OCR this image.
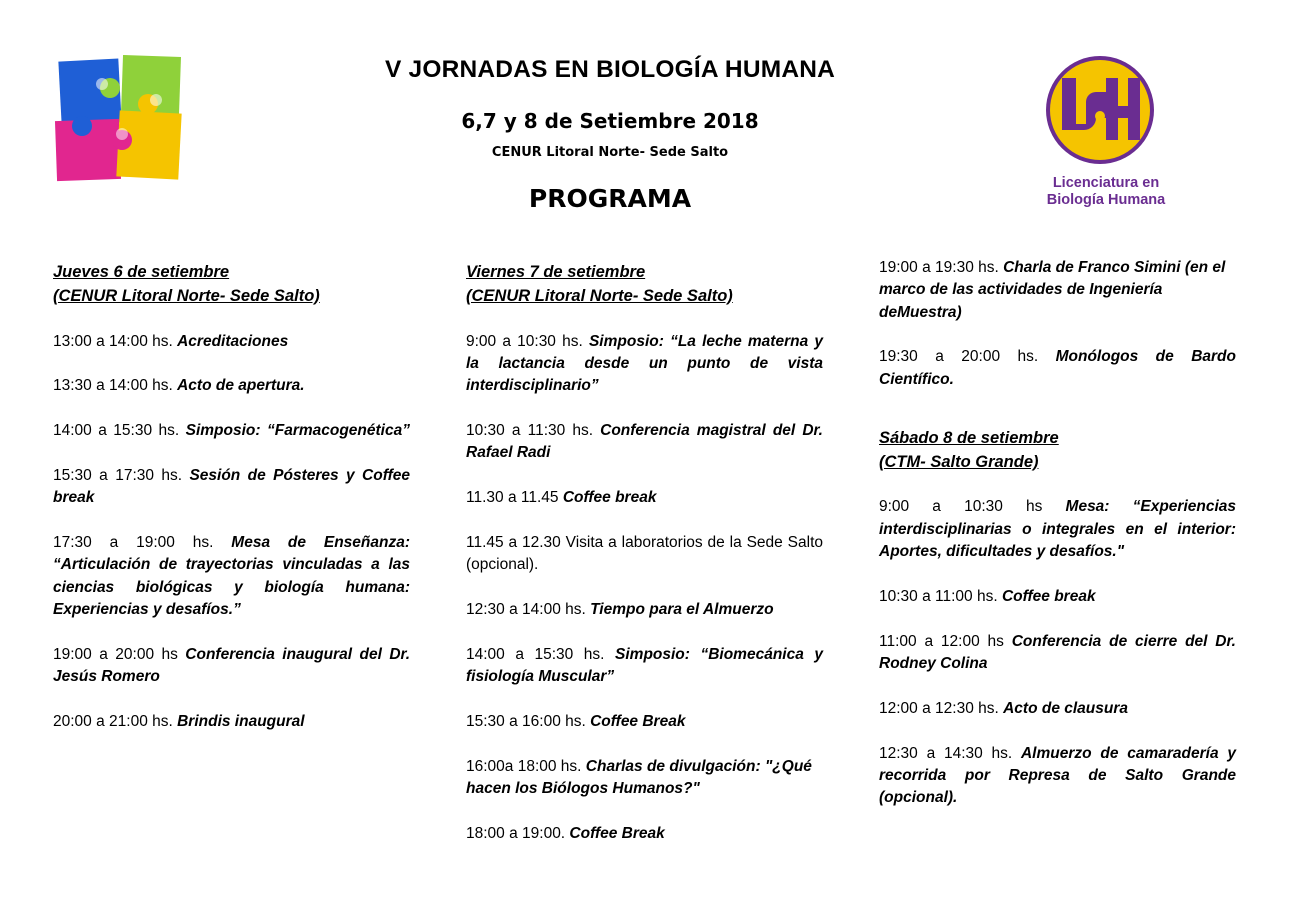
V JORNADAS EN BIOLOGÍA HUMANA
6,7 y 8 de Setiembre 2018
CENUR Litoral Norte- Sede Salto
PROGRAMA
Licenciatura en
Biología Humana
Jueves 6 de setiembre
(CENUR Litoral Norte- Sede Salto)
13:00 a 14:00 hs. Acreditaciones
13:30 a 14:00 hs. Acto de apertura.
14:00 a 15:30 hs. Simposio: “Farmacogenética”
15:30 a 17:30 hs. Sesión de Pósteres y Coffee break
17:30 a 19:00 hs. Mesa de Enseñanza: “Articulación de trayectorias vinculadas a las ciencias biológicas y biología humana: Experiencias y desafíos.”
19:00 a 20:00 hs Conferencia inaugural del Dr. Jesús Romero
20:00 a 21:00 hs. Brindis inaugural
Viernes 7 de setiembre
(CENUR Litoral Norte- Sede Salto)
9:00 a 10:30 hs. Simposio: “La leche materna y la lactancia desde un punto de vista interdisciplinario”
10:30 a 11:30 hs. Conferencia magistral del Dr. Rafael Radi
11.30 a 11.45 Coffee break
11.45 a 12.30 Visita a laboratorios de la Sede Salto (opcional).
12:30 a 14:00 hs. Tiempo para el Almuerzo
14:00 a 15:30 hs. Simposio: “Biomecánica y fisiología Muscular”
15:30 a 16:00 hs. Coffee Break
16:00a 18:00 hs. Charlas de divulgación: "¿Qué hacen los Biólogos Humanos?"
18:00 a 19:00. Coffee Break
19:00 a 19:30 hs. Charla de Franco Simini (en el marco de las actividades de Ingeniería deMuestra)
19:30 a 20:00 hs. Monólogos de Bardo Científico.
Sábado 8 de setiembre
(CTM- Salto Grande)
9:00 a 10:30 hs Mesa: “Experiencias interdisciplinarias o integrales en el interior: Aportes, dificultades y desafíos."
10:30 a 11:00 hs. Coffee break
11:00 a 12:00 hs Conferencia de cierre del Dr. Rodney Colina
12:00 a 12:30 hs. Acto de clausura
12:30 a 14:30 hs. Almuerzo de camaradería y recorrida por Represa de Salto Grande (opcional).
